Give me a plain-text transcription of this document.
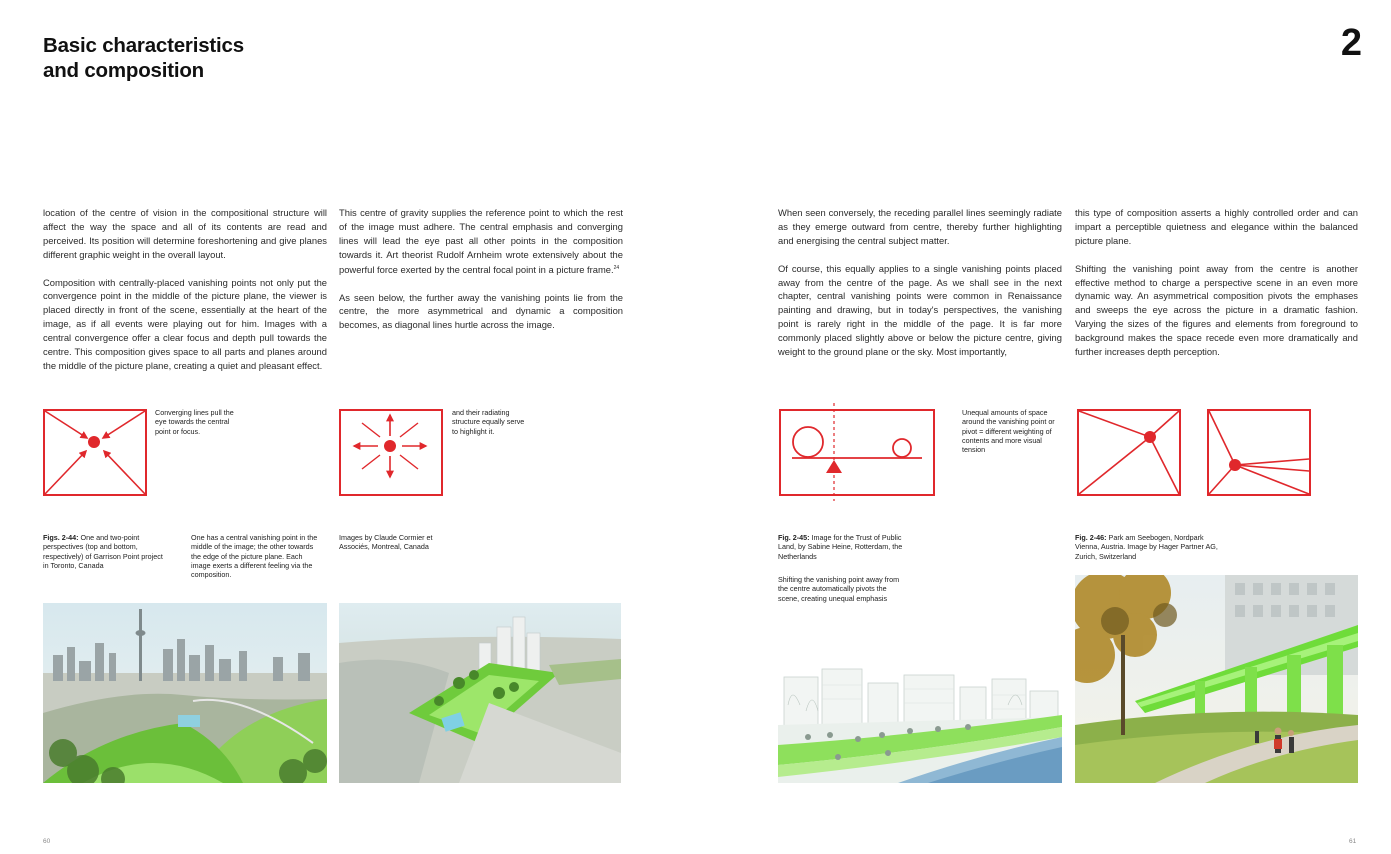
Basic characteristics
and composition
2

location of the centre of vision in the compositional structure will affect the way the space and all of its contents are read and perceived. Its position will determine foreshortening and give planes different graphic weight in the overall layout.

Composition with centrally-placed vanishing points not only put the convergence point in the middle of the picture plane, the viewer is placed directly in front of the scene, essentially at the heart of the image, as if all events were playing out for him. Images with a central convergence offer a clear focus and depth pull towards the centre. This composition gives space to all parts and planes around the middle of the picture plane, creating a quiet and pleasant effect.

This centre of gravity supplies the reference point to which the rest of the image must adhere. The central emphasis and converging lines will lead the eye past all other points in the composition towards it. Art theorist Rudolf Arnheim wrote extensively about the powerful force exerted by the central focal point in a picture frame.$^{24}$

As seen below, the further away the vanishing points lie from the centre, the more asymmetrical and dynamic a composition becomes, as diagonal lines hurtle across the image.

Converging lines pull the eye towards the central point or focus.
and their radiating structure equally serve to highlight it.
Figs. 2-44: One and two-point perspectives (top and bottom, respectively) of Garrison Point project in Toronto, Canada
One has a central vanishing point in the middle of the image; the other towards the edge of the picture plane. Each image exerts a different feeling via the composition.
Images by Claude Cormier et Associés, Montreal, Canada

When seen conversely, the receding parallel lines seemingly radiate as they emerge outward from centre, thereby further highlighting and energising the central subject matter.

Of course, this equally applies to a single vanishing points placed away from the centre of the page. As we shall see in the next chapter, central vanishing points were common in Renaissance painting and drawing, but in today's perspectives, the vanishing point is rarely right in the middle of the page. It is far more commonly placed slightly above or below the picture centre, giving weight to the ground plane or the sky. Most importantly,

this type of composition asserts a highly controlled order and can impart a perceptible quietness and elegance within the balanced picture plane.

Shifting the vanishing point away from the centre is another effective method to charge a perspective scene in an even more dynamic way. An asymmetrical composition pivots the emphases and sweeps the eye across the picture in a dramatic fashion. Varying the sizes of the figures and elements from foreground to background makes the space recede even more dramatically and further increases depth perception.

Unequal amounts of space around the vanishing point or pivot = different weighting of contents and more visual tension
Fig. 2-45: Image for the Trust of Public Land, by Sabine Heine, Rotterdam, the Netherlands
Shifting the vanishing point away from the centre automatically pivots the scene, creating unequal emphasis
Fig. 2-46: Park am Seebogen, Nordpark Vienna, Austria. Image by Hager Partner AG, Zurich, Switzerland
60	61
